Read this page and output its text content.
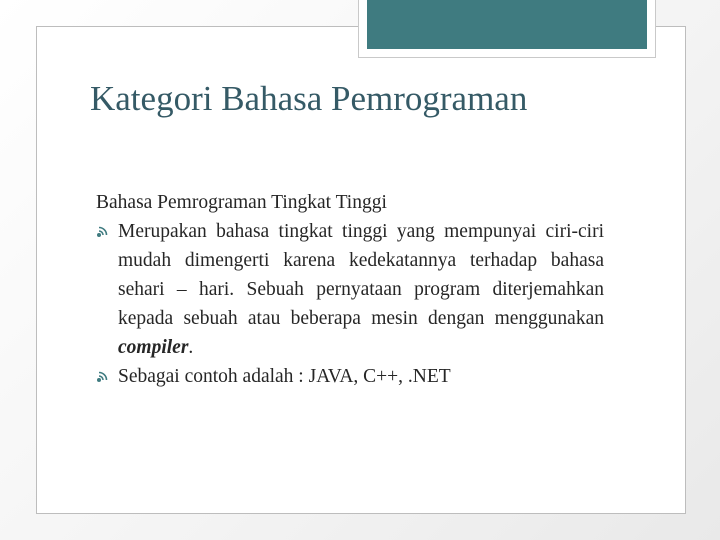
Kategori Bahasa Pemrograman

Bahasa Pemrograman Tingkat Tinggi

Merupakan bahasa tingkat tinggi yang mempunyai ciri-ciri mudah dimengerti karena kedekatannya terhadap bahasa sehari – hari. Sebuah pernyataan program diterjemahkan kepada sebuah atau beberapa mesin dengan menggunakan compiler.
Sebagai contoh adalah : JAVA, C++, .NET
